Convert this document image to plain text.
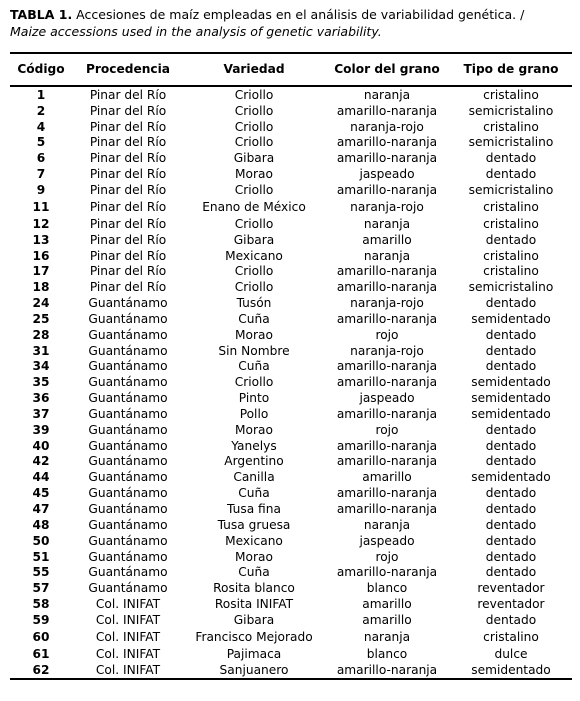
TABLA 1. Accesiones de maíz empleadas en el análisis de variabilidad genética. /
Maize accessions used in the analysis of genetic variability.
Código	Procedencia	Variedad	Color del grano	Tipo de grano
1	Pinar del Río	Criollo	naranja	cristalino
2	Pinar del Río	Criollo	amarillo-naranja	semicristalino
4	Pinar del Río	Criollo	naranja-rojo	cristalino
5	Pinar del Río	Criollo	amarillo-naranja	semicristalino
6	Pinar del Río	Gibara	amarillo-naranja	dentado
7	Pinar del Río	Morao	jaspeado	dentado
9	Pinar del Río	Criollo	amarillo-naranja	semicristalino
11	Pinar del Río	Enano de México	naranja-rojo	cristalino
12	Pinar del Río	Criollo	naranja	cristalino
13	Pinar del Río	Gibara	amarillo	dentado
16	Pinar del Río	Mexicano	naranja	cristalino
17	Pinar del Río	Criollo	amarillo-naranja	cristalino
18	Pinar del Río	Criollo	amarillo-naranja	semicristalino
24	Guantánamo	Tusón	naranja-rojo	dentado
25	Guantánamo	Cuña	amarillo-naranja	semidentado
28	Guantánamo	Morao	rojo	dentado
31	Guantánamo	Sin Nombre	naranja-rojo	dentado
34	Guantánamo	Cuña	amarillo-naranja	dentado
35	Guantánamo	Criollo	amarillo-naranja	semidentado
36	Guantánamo	Pinto	jaspeado	semidentado
37	Guantánamo	Pollo	amarillo-naranja	semidentado
39	Guantánamo	Morao	rojo	dentado
40	Guantánamo	Yanelys	amarillo-naranja	dentado
42	Guantánamo	Argentino	amarillo-naranja	dentado
44	Guantánamo	Canilla	amarillo	semidentado
45	Guantánamo	Cuña	amarillo-naranja	dentado
47	Guantánamo	Tusa fina	amarillo-naranja	dentado
48	Guantánamo	Tusa gruesa	naranja	dentado
50	Guantánamo	Mexicano	jaspeado	dentado
51	Guantánamo	Morao	rojo	dentado
55	Guantánamo	Cuña	amarillo-naranja	dentado
57	Guantánamo	Rosita blanco	blanco	reventador
58	Col. INIFAT	Rosita INIFAT	amarillo	reventador
59	Col. INIFAT	Gibara	amarillo	dentado
60	Col. INIFAT	Francisco Mejorado	naranja	cristalino
61	Col. INIFAT	Pajimaca	blanco	dulce
62	Col. INIFAT	Sanjuanero	amarillo-naranja	semidentado
